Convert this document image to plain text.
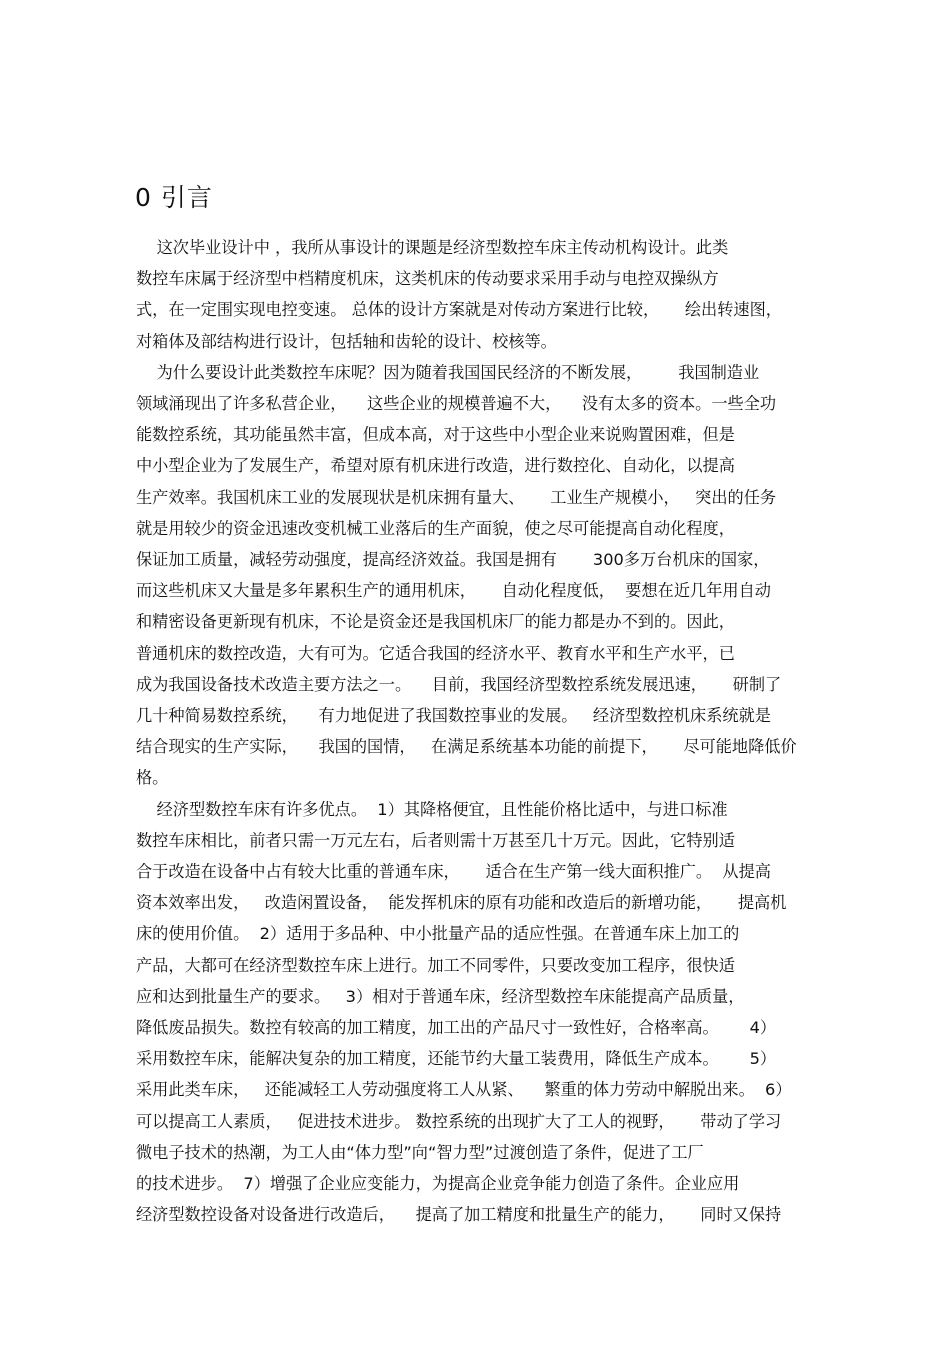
0 引言
这次毕业设计中 ，我所从事设计的课题是经济型数控车床主传动机构设计。此类
数控车床属于经济型中档精度机床，这类机床的传动要求采用手动与电控双操纵方
式，在一定围实现电控变速。 总体的设计方案就是对传动方案进行比较，     绘出转速图，
对箱体及部结构进行设计，包括轴和齿轮的设计、校核等。
为什么要设计此类数控车床呢？因为随着我国国民经济的不断发展，       我国制造业
领域涌现出了许多私营企业，    这些企业的规模普遍不大，    没有太多的资本。一些全功
能数控系统，其功能虽然丰富，但成本高，对于这些中小型企业来说购置困难，但是
中小型企业为了发展生产，希望对原有机床进行改造，进行数控化、自动化，以提高
生产效率。我国机床工业的发展现状是机床拥有量大、     工业生产规模小，   突出的任务
就是用较少的资金迅速改变机械工业落后的生产面貌，使之尽可能提高自动化程度，
保证加工质量，减轻劳动强度，提高经济效益。我国是拥有       300多万台机床的国家，
而这些机床又大量是多年累积生产的通用机床，     自动化程度低，  要想在近几年用自动
和精密设备更新现有机床，不论是资金还是我国机床厂的能力都是办不到的。因此，
普通机床的数控改造，大有可为。它适合我国的经济水平、教育水平和生产水平，已
成为我国设备技术改造主要方法之一。    目前，我国经济型数控系统发展迅速，     研制了
几十种简易数控系统，    有力地促进了我国数控事业的发展。   经济型数控机床系统就是
结合现实的生产实际，    我国的国情，   在满足系统基本功能的前提下，     尽可能地降低价
格。
经济型数控车床有许多优点。  1）其降格便宜，且性能价格比适中，与进口标准
数控车床相比，前者只需一万元左右，后者则需十万甚至几十万元。因此，它特别适
合于改造在设备中占有较大比重的普通车床，     适合在生产第一线大面积推广。  从提高
资本效率出发，   改造闲置设备，  能发挥机床的原有功能和改造后的新增功能，     提高机
床的使用价值。  2）适用于多品种、中小批量产品的适应性强。在普通车床上加工的
产品，大都可在经济型数控车床上进行。加工不同零件，只要改变加工程序，很快适
应和达到批量生产的要求。   3）相对于普通车床，经济型数控车床能提高产品质量，
降低废品损失。数控有较高的加工精度，加工出的产品尺寸一致性好，合格率高。      4）
采用数控车床，能解决复杂的加工精度，还能节约大量工装费用，降低生产成本。      5）
采用此类车床，   还能减轻工人劳动强度将工人从紧、    繁重的体力劳动中解脱出来。  6）
可以提高工人素质，   促进技术进步。 数控系统的出现扩大了工人的视野，     带动了学习
微电子技术的热潮，为工人由“体力型”向“智力型”过渡创造了条件，促进了工厂
的技术进步。  7）增强了企业应变能力，为提高企业竞争能力创造了条件。企业应用
经济型数控设备对设备进行改造后，    提高了加工精度和批量生产的能力，     同时又保持
